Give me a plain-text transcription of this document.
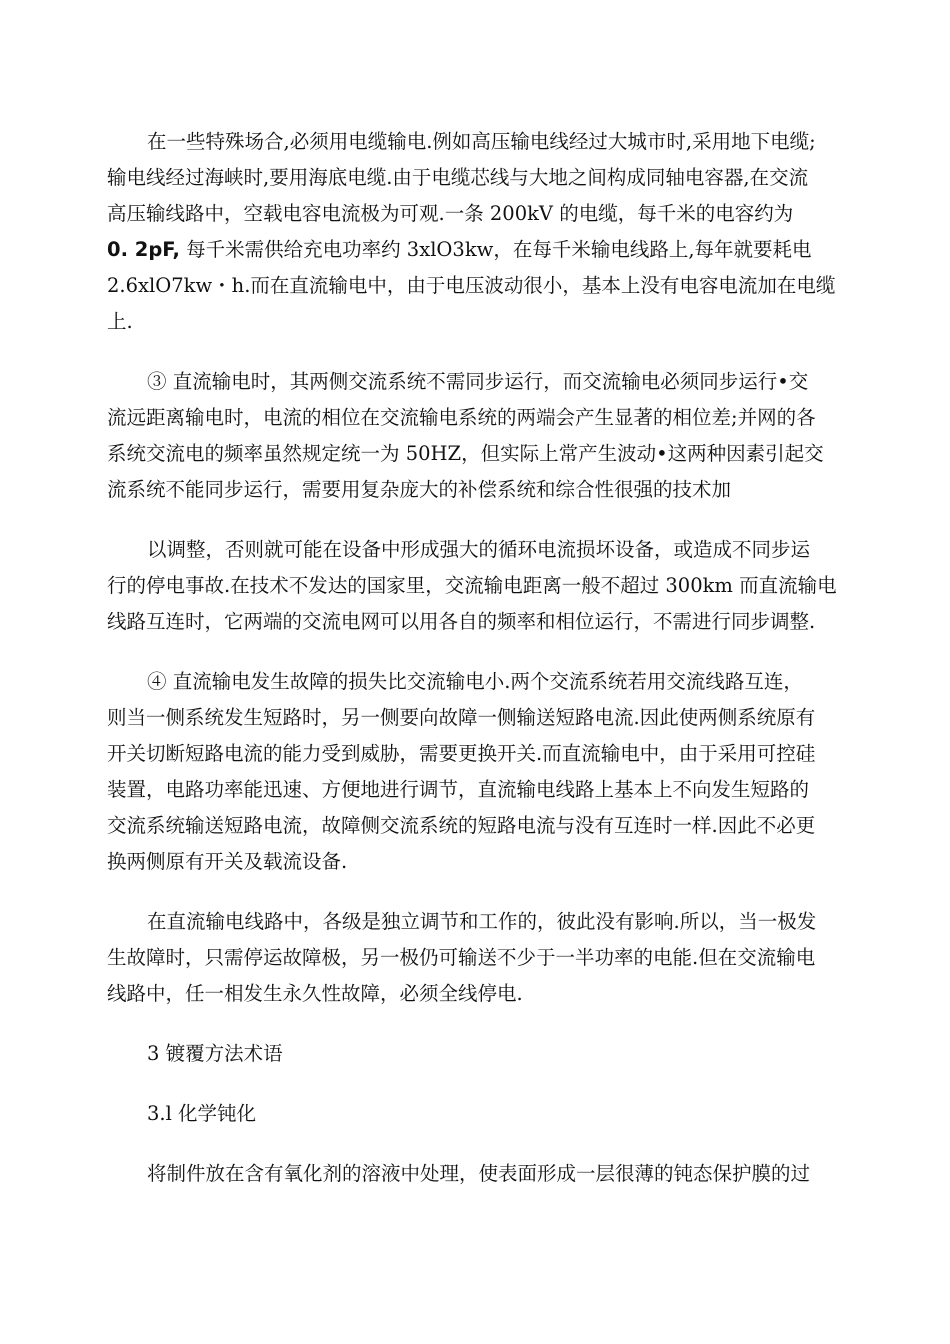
在一些特殊场合,必须用电缆输电.例如高压输电线经过大城市时,采用地下电缆;
输电线经过海峡时,要用海底电缆.由于电缆芯线与大地之间构成同轴电容器,在交流
高压输线路中，空载电容电流极为可观.一条 200kV 的电缆，每千米的电容约为
0. 2pF, 每千米需供给充电功率约 3xlO3kw，在每千米输电线路上,每年就要耗电
2.6xlO7kw・h.而在直流输电中，由于电压波动很小，基本上没有电容电流加在电缆
上.
③ 直流输电时，其两侧交流系统不需同步运行，而交流输电必须同步运行•交
流远距离输电时，电流的相位在交流输电系统的两端会产生显著的相位差;并网的各
系统交流电的频率虽然规定统一为 50HZ，但实际上常产生波动•这两种因素引起交
流系统不能同步运行，需要用复杂庞大的补偿系统和综合性很强的技术加
以调整，否则就可能在设备中形成强大的循环电流损坏设备，或造成不同步运
行的停电事故.在技术不发达的国家里，交流输电距离一般不超过 300km 而直流输电
线路互连时，它两端的交流电网可以用各自的频率和相位运行，不需进行同步调整.
④ 直流输电发生故障的损失比交流输电小.两个交流系统若用交流线路互连，
则当一侧系统发生短路时，另一侧要向故障一侧输送短路电流.因此使两侧系统原有
开关切断短路电流的能力受到威胁，需要更换开关.而直流输电中，由于采用可控硅
装置，电路功率能迅速、方便地进行调节，直流输电线路上基本上不向发生短路的
交流系统输送短路电流，故障侧交流系统的短路电流与没有互连时一样.因此不必更
换两侧原有开关及载流设备.
在直流输电线路中，各级是独立调节和工作的，彼此没有影响.所以，当一极发
生故障时，只需停运故障极，另一极仍可输送不少于一半功率的电能.但在交流输电
线路中，任一相发生永久性故障，必须全线停电.
3 镀覆方法术语
3.l 化学钝化
将制件放在含有氧化剂的溶液中处理，使表面形成一层很薄的钝态保护膜的过
